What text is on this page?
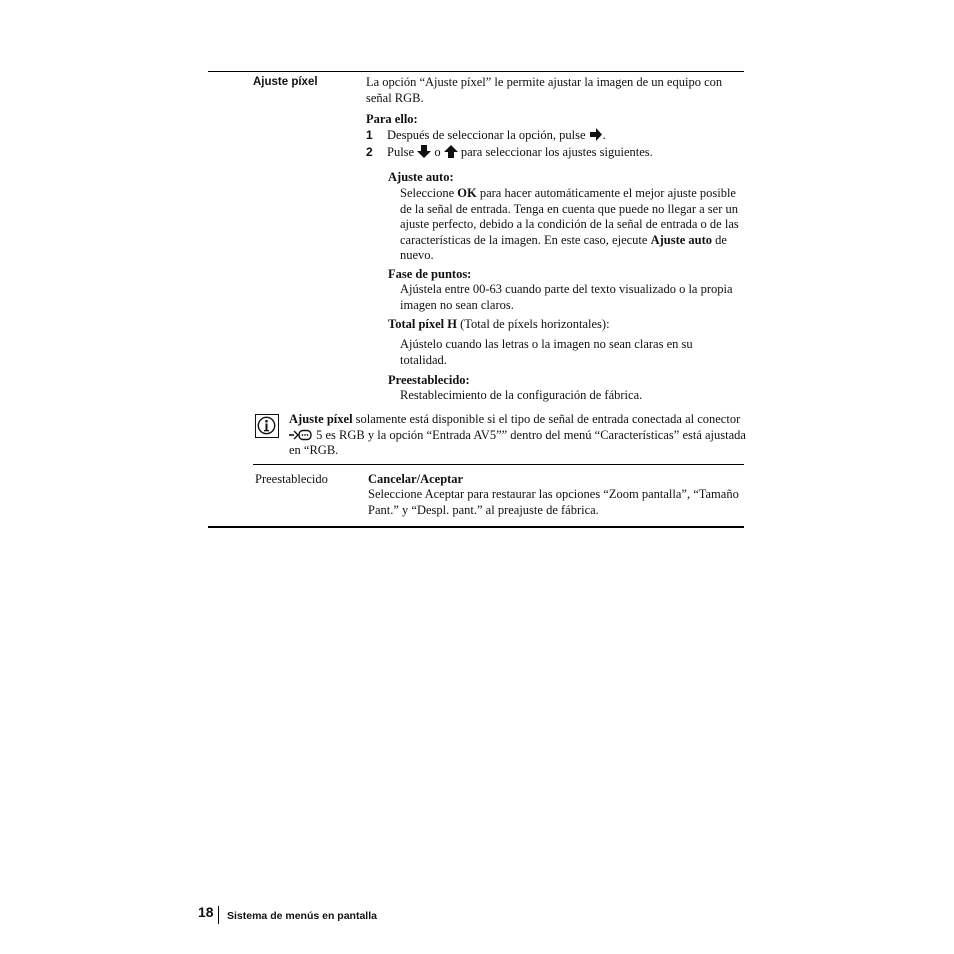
Ajuste píxel	La opción “Ajuste píxel” le permite ajustar la imagen de un equipo con señal RGB.
Para ello:
1 Después de seleccionar la opción, pulse .
2 Pulse o para seleccionar los ajustes siguientes.
Ajuste auto:
Seleccione OK para hacer automáticamente el mejor ajuste posible de la señal de entrada. Tenga en cuenta que puede no llegar a ser un ajuste perfecto, debido a la condición de la señal de entrada o de las características de la imagen. En este caso, ejecute Ajuste auto de nuevo.
Fase de puntos:
Ajústela entre 00-63 cuando parte del texto visualizado o la propia imagen no sean claros.
Total píxel H (Total de píxels horizontales):
Ajústelo cuando las letras o la imagen no sean claras en su totalidad.
Preestablecido:
Restablecimiento de la configuración de fábrica.
Ajuste píxel solamente está disponible si el tipo de señal de entrada conectada al conector  5 es RGB y la opción “Entrada AV5”” dentro del menú “Características” está ajustada en “RGB.
Preestablecido	Cancelar/Aceptar
Seleccione Aceptar para restaurar las opciones “Zoom pantalla”, “Tamaño Pant.” y “Despl. pant.” al preajuste de fábrica.
18 Sistema de menús en pantalla
